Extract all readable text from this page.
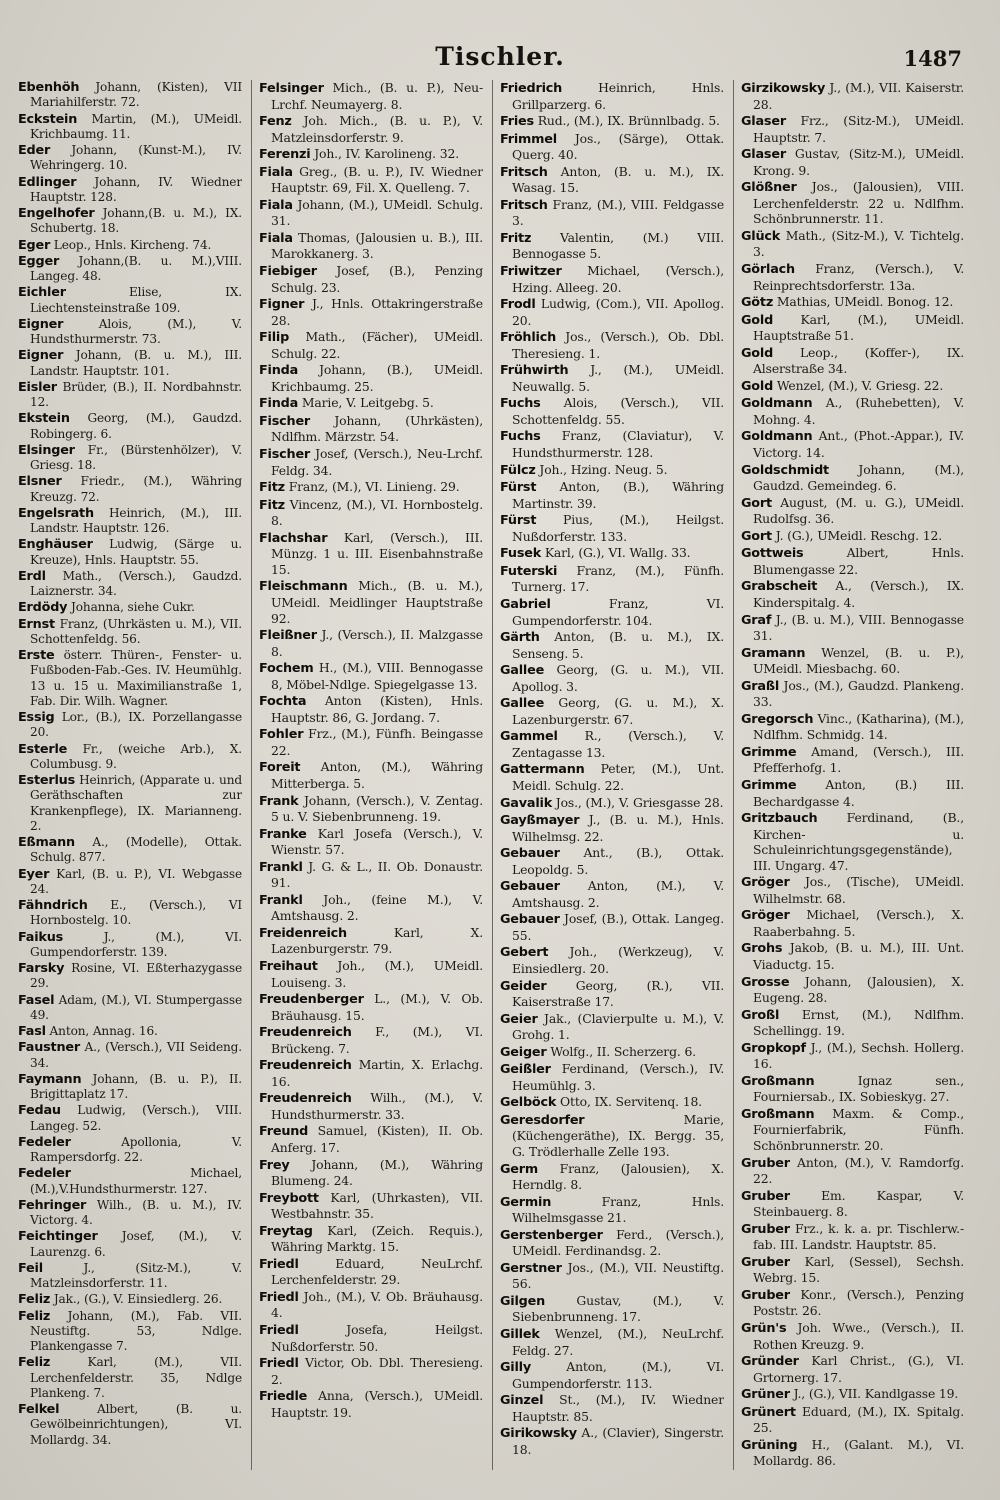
Tischler.	1487
Ebenhöh Johann, (Kisten), VII Mariahilferstr. 72.
Eckstein Martin, (M.), UMeidl. Krichbaumg. 11.
Eder Johann, (Kunst-M.), IV. Wehringerg. 10.
Edlinger Johann, IV. Wiedner Hauptstr. 128.
Engelhofer Johann,(B. u. M.), IX. Schubertg. 18.
Eger Leop., Hnls. Kircheng. 74.
Egger Johann,(B. u. M.),VIII. Langeg. 48.
Eichler Elise, IX. Liechtensteinstraße 109.
Eigner Alois, (M.), V. Hundsthurmerstr. 73.
Eigner Johann, (B. u. M.), III. Landstr. Hauptstr. 101.
Eisler Brüder, (B.), II. Nordbahnstr. 12.
Ekstein Georg, (M.), Gaudzd. Robingerg. 6.
Elsinger Fr., (Bürstenhölzer), V. Griesg. 18.
Elsner Friedr., (M.), Währing Kreuzg. 72.
Engelsrath Heinrich, (M.), III. Landstr. Hauptstr. 126.
Enghäuser Ludwig, (Särge u. Kreuze), Hnls. Hauptstr. 55.
Erdl Math., (Versch.), Gaudzd. Laiznerstr. 34.
Erdödy Johanna, siehe Cukr.
Ernst Franz, (Uhrkästen u. M.), VII. Schottenfeldg. 56.
Erste österr. Thüren-, Fenster- u. Fußboden-Fab.-Ges. IV. Heumühlg. 13 u. 15 u. Maximilianstraße 1, Fab. Dir. Wilh. Wagner.
Essig Lor., (B.), IX. Porzellangasse 20.
Esterle Fr., (weiche Arb.), X. Columbusg. 9.
Esterlus Heinrich, (Apparate u. und Geräthschaften zur Krankenpflege), IX. Marianneng. 2.
Eßmann A., (Modelle), Ottak. Schulg. 877.
Eyer Karl, (B. u. P.), VI. Webgasse 24.
Fähndrich E., (Versch.), VI Hornbostelg. 10.
Faikus J., (M.), VI. Gumpendorferstr. 139.
Farsky Rosine, VI. Eßterhazygasse 29.
Fasel Adam, (M.), VI. Stumpergasse 49.
Fasl Anton, Annag. 16.
Faustner A., (Versch.), VII Seideng. 34.
Faymann Johann, (B. u. P.), II. Brigittaplatz 17.
Fedau Ludwig, (Versch.), VIII. Langeg. 52.
Fedeler Apollonia, V. Rampersdorfg. 22.
Fedeler Michael,(M.),V.Hundsthurmerstr. 127.
Fehringer Wilh., (B. u. M.), IV. Victorg. 4.
Feichtinger Josef, (M.), V. Laurenzg. 6.
Feil J., (Sitz-M.), V. Matzleinsdorferstr. 11.
Feliz Jak., (G.), V. Einsiedlerg. 26.
Feliz Johann, (M.), Fab. VII. Neustiftg. 53, Ndlge. Plankengasse 7.
Feliz Karl, (M.), VII. Lerchenfelderstr. 35, Ndlge Plankeng. 7.
Felkel Albert, (B. u. Gewölbeinrichtungen), VI. Mollardg. 34.
Felsinger Mich., (B. u. P.), Neu-Lrchf. Neumayerg. 8.
Fenz Joh. Mich., (B. u. P.), V. Matzleinsdorferstr. 9.
Ferenzi Joh., IV. Karolineng. 32.
Fiala Greg., (B. u. P.), IV. Wiedner Hauptstr. 69, Fil. X. Quelleng. 7.
Fiala Johann, (M.), UMeidl. Schulg. 31.
Fiala Thomas, (Jalousien u. B.), III. Marokkanerg. 3.
Fiebiger Josef, (B.), Penzing Schulg. 23.
Figner J., Hnls. Ottakringerstraße 28.
Filip Math., (Fächer), UMeidl. Schulg. 22.
Finda Johann, (B.), UMeidl. Krichbaumg. 25.
Finda Marie, V. Leitgebg. 5.
Fischer Johann, (Uhrkästen), Ndlfhm. Märzstr. 54.
Fischer Josef, (Versch.), Neu-Lrchf. Feldg. 34.
Fitz Franz, (M.), VI. Linieng. 29.
Fitz Vincenz, (M.), VI. Hornbostelg. 8.
Flachshar Karl, (Versch.), III. Münzg. 1 u. III. Eisenbahnstraße 15.
Fleischmann Mich., (B. u. M.), UMeidl. Meidlinger Hauptstraße 92.
Fleißner J., (Versch.), II. Malzgasse 8.
Fochem H., (M.), VIII. Bennogasse 8, Möbel-Ndlge. Spiegelgasse 13.
Fochta Anton (Kisten), Hnls. Hauptstr. 86, G. Jordang. 7.
Fohler Frz., (M.), Fünfh. Beingasse 22.
Foreit Anton, (M.), Währing Mitterberga. 5.
Frank Johann, (Versch.), V. Zentag. 5 u. V. Siebenbrunneng. 19.
Franke Karl Josefa (Versch.), V. Wienstr. 57.
Frankl J. G. & L., II. Ob. Donaustr. 91.
Frankl Joh., (feine M.), V. Amtshausg. 2.
Freidenreich Karl, X. Lazenburgerstr. 79.
Freihaut Joh., (M.), UMeidl. Louiseng. 3.
Freudenberger L., (M.), V. Ob. Bräuhausg. 15.
Freudenreich F., (M.), VI. Brückeng. 7.
Freudenreich Martin, X. Erlachg. 16.
Freudenreich Wilh., (M.), V. Hundsthurmerstr. 33.
Freund Samuel, (Kisten), II. Ob. Anferg. 17.
Frey Johann, (M.), Währing Blumeng. 24.
Freybott Karl, (Uhrkasten), VII. Westbahnstr. 35.
Freytag Karl, (Zeich. Requis.), Währing Marktg. 15.
Friedl Eduard, NeuLrchf. Lerchenfelderstr. 29.
Friedl Joh., (M.), V. Ob. Bräuhausg. 4.
Friedl Josefa, Heilgst. Nußdorferstr. 50.
Friedl Victor, Ob. Dbl. Theresieng. 2.
Friedle Anna, (Versch.), UMeidl. Hauptstr. 19.
Friedrich Heinrich, Hnls. Grillparzerg. 6.
Fries Rud., (M.), IX. Brünnlbadg. 5.
Frimmel Jos., (Särge), Ottak. Querg. 40.
Fritsch Anton, (B. u. M.), IX. Wasag. 15.
Fritsch Franz, (M.), VIII. Feldgasse 3.
Fritz Valentin, (M.) VIII. Bennogasse 5.
Friwitzer Michael, (Versch.), Hzing. Alleeg. 20.
Frodl Ludwig, (Com.), VII. Apollog. 20.
Fröhlich Jos., (Versch.), Ob. Dbl. Theresieng. 1.
Frühwirth J., (M.), UMeidl. Neuwallg. 5.
Fuchs Alois, (Versch.), VII. Schottenfeldg. 55.
Fuchs Franz, (Claviatur), V. Hundsthurmerstr. 128.
Fülcz Joh., Hzing. Neug. 5.
Fürst Anton, (B.), Währing Martinstr. 39.
Fürst Pius, (M.), Heilgst. Nußdorferstr. 133.
Fusek Karl, (G.), VI. Wallg. 33.
Futerski Franz, (M.), Fünfh. Turnerg. 17.
Gabriel Franz, VI. Gumpendorferstr. 104.
Gärth Anton, (B. u. M.), IX. Senseng. 5.
Gallee Georg, (G. u. M.), VII. Apollog. 3.
Gallee Georg, (G. u. M.), X. Lazenburgerstr. 67.
Gammel R., (Versch.), V. Zentagasse 13.
Gattermann Peter, (M.), Unt. Meidl. Schulg. 22.
Gavalik Jos., (M.), V. Griesgasse 28.
Gayßmayer J., (B. u. M.), Hnls. Wilhelmsg. 22.
Gebauer Ant., (B.), Ottak. Leopoldg. 5.
Gebauer Anton, (M.), V. Amtshausg. 2.
Gebauer Josef, (B.), Ottak. Langeg. 55.
Gebert Joh., (Werkzeug), V. Einsiedlerg. 20.
Geider Georg, (R.), VII. Kaiserstraße 17.
Geier Jak., (Clavierpulte u. M.), V. Grohg. 1.
Geiger Wolfg., II. Scherzerg. 6.
Geißler Ferdinand, (Versch.), IV. Heumühlg. 3.
Gelböck Otto, IX. Servitenq. 18.
Geresdorfer Marie, (Küchengeräthe), IX. Bergg. 35, G. Trödlerhalle Zelle 193.
Germ Franz, (Jalousien), X. Herndlg. 8.
Germin Franz, Hnls. Wilhelmsgasse 21.
Gerstenberger Ferd., (Versch.), UMeidl. Ferdinandsg. 2.
Gerstner Jos., (M.), VII. Neustiftg. 56.
Gilgen Gustav, (M.), V. Siebenbrunneng. 17.
Gillek Wenzel, (M.), NeuLrchf. Feldg. 27.
Gilly Anton, (M.), VI. Gumpendorferstr. 113.
Ginzel St., (M.), IV. Wiedner Hauptstr. 85.
Girikowsky A., (Clavier), Singerstr. 18.
Girzikowsky J., (M.), VII. Kaiserstr. 28.
Glaser Frz., (Sitz-M.), UMeidl. Hauptstr. 7.
Glaser Gustav, (Sitz-M.), UMeidl. Krong. 9.
Glößner Jos., (Jalousien), VIII. Lerchenfelderstr. 22 u. Ndlfhm. Schönbrunnerstr. 11.
Glück Math., (Sitz-M.), V. Tichtelg. 3.
Görlach Franz, (Versch.), V. Reinprechtsdorferstr. 13a.
Götz Mathias, UMeidl. Bonog. 12.
Gold Karl, (M.), UMeidl. Hauptstraße 51.
Gold Leop., (Koffer-), IX. Alserstraße 34.
Gold Wenzel, (M.), V. Griesg. 22.
Goldmann A., (Ruhebetten), V. Mohng. 4.
Goldmann Ant., (Phot.-Appar.), IV. Victorg. 14.
Goldschmidt Johann, (M.), Gaudzd. Gemeindeg. 6.
Gort August, (M. u. G.), UMeidl. Rudolfsg. 36.
Gort J. (G.), UMeidl. Reschg. 12.
Gottweis Albert, Hnls. Blumengasse 22.
Grabscheit A., (Versch.), IX. Kinderspitalg. 4.
Graf J., (B. u. M.), VIII. Bennogasse 31.
Gramann Wenzel, (B. u. P.), UMeidl. Miesbachg. 60.
Graßl Jos., (M.), Gaudzd. Plankeng. 33.
Gregorsch Vinc., (Katharina), (M.), Ndlfhm. Schmidg. 14.
Grimme Amand, (Versch.), III. Pfefferhofg. 1.
Grimme Anton, (B.) III. Bechardgasse 4.
Gritzbauch Ferdinand, (B., Kirchen- u. Schuleinrichtungsgegenstände), III. Ungarg. 47.
Gröger Jos., (Tische), UMeidl. Wilhelmstr. 68.
Gröger Michael, (Versch.), X. Raaberbahng. 5.
Grohs Jakob, (B. u. M.), III. Unt. Viaductg. 15.
Grosse Johann, (Jalousien), X. Eugeng. 28.
Großl Ernst, (M.), Ndlfhm. Schellingg. 19.
Gropkopf J., (M.), Sechsh. Hollerg. 16.
Großmann Ignaz sen., Fourniersab., IX. Sobieskyg. 27.
Großmann Maxm. & Comp., Fournierfabrik, Fünfh. Schönbrunnerstr. 20.
Gruber Anton, (M.), V. Ramdorfg. 22.
Gruber Em. Kaspar, V. Steinbauerg. 8.
Gruber Frz., k. k. a. pr. Tischlerw.-fab. III. Landstr. Hauptstr. 85.
Gruber Karl, (Sessel), Sechsh. Webrg. 15.
Gruber Konr., (Versch.), Penzing Poststr. 26.
Grün's Joh. Wwe., (Versch.), II. Rothen Kreuzg. 9.
Gründer Karl Christ., (G.), VI. Grtornerg. 17.
Grüner J., (G.), VII. Kandlgasse 19.
Grünert Eduard, (M.), IX. Spitalg. 25.
Grüning H., (Galant. M.), VI. Mollardg. 86.
